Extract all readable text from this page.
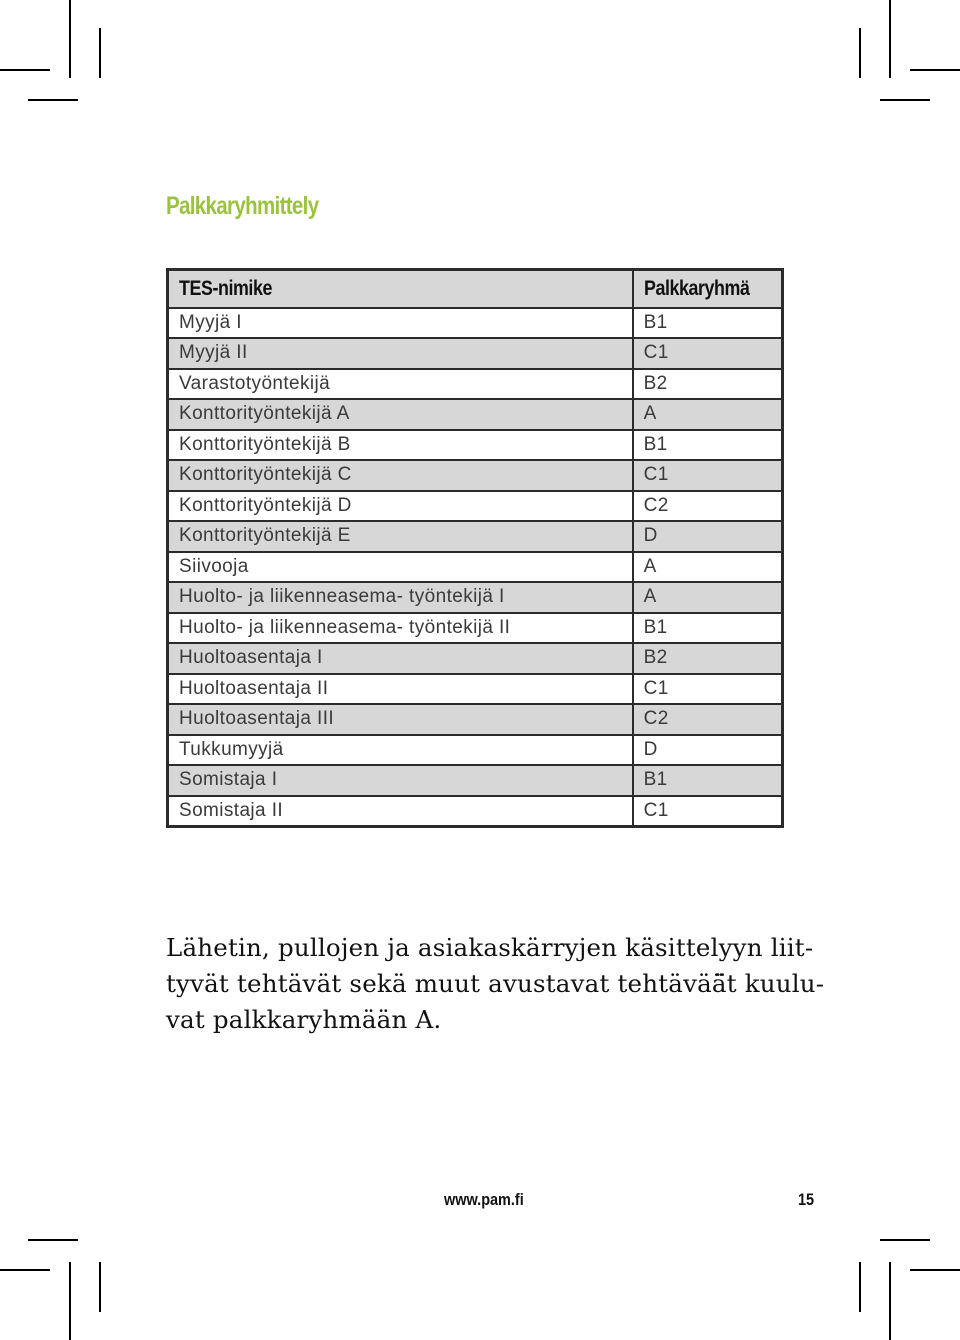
Palkkaryhmittely
TES-nimike	Palkkaryhmä
Myyjä I	B1
Myyjä II	C1
Varastotyöntekijä	B2
Konttorityöntekijä A	A
Konttorityöntekijä B	B1
Konttorityöntekijä C	C1
Konttorityöntekijä D	C2
Konttorityöntekijä E	D
Siivooja	A
Huolto- ja liikenneasema- työntekijä I	A
Huolto- ja liikenneasema- työntekijä II	B1
Huoltoasentaja I	B2
Huoltoasentaja II	C1
Huoltoasentaja III	C2
Tukkumyyjä	D
Somistaja I	B1
Somistaja II	C1
Lähetin, pullojen ja asiakaskärryjen käsittelyyn liit-
tyvät tehtävät sekä muut avustavat tehtävää̈t kuulu-
vat palkkaryhmään A.
www.pam.fi	15
